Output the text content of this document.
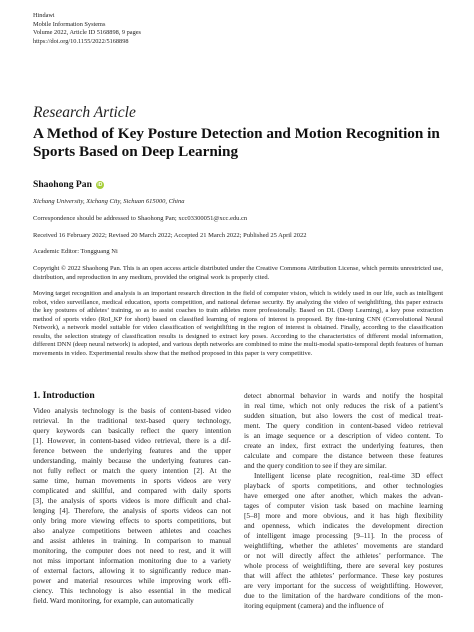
Hindawi
Mobile Information Systems
Volume 2022, Article ID 5168898, 9 pages
https://doi.org/10.1155/2022/5168898
Research Article
A Method of Key Posture Detection and Motion Recognition in Sports Based on Deep Learning
Shaohong Pan	iD
Xichang University, Xichang City, Sichuan 615000, China
Correspondence should be addressed to Shaohong Pan; xcc03300051@xcc.edu.cn
Received 16 February 2022; Revised 20 March 2022; Accepted 21 March 2022; Published 25 April 2022
Academic Editor: Tongguang Ni
Copyright © 2022 Shaohong Pan. This is an open access article distributed under the Creative Commons Attribution License, which permits unrestricted use, distribution, and reproduction in any medium, provided the original work is properly cited.
Moving target recognition and analysis is an important research direction in the field of computer vision, which is widely used in our life, such as intelligent robot, video surveillance, medical education, sports competition, and national defense security. By analyzing the video of weightlifting, this paper extracts the key postures of athletes’ training, so as to assist coaches to train athletes more professionally. Based on DL (Deep Learning), a key pose extraction method of sports video (RoI_KP for short) based on classified learning of regions of interest is proposed. By fine-tuning CNN (Convolutional Neural Network), a network model suitable for video classification of weightlifting in the region of interest is obtained. Finally, according to the classification results, the selection strategy of classification results is designed to extract key poses. According to the characteristics of different modal information, different DNN (deep neural network) is adopted, and various depth networks are combined to mine the multi-modal spatio-temporal depth features of human movements in video. Experimental results show that the method proposed in this paper is very competitive.
1. Introduction
Video analysis technology is the basis of content-based video
retrieval. In the traditional text-based query technology,
query keywords can basically reflect the query intention
[1]. However, in content-based video retrieval, there is a dif-
ference between the underlying features and the upper
understanding, mainly because the underlying features can-
not fully reflect or match the query intention [2]. At the
same time, human movements in sports videos are very
complicated and skillful, and compared with daily sports
[3], the analysis of sports videos is more difficult and chal-
lenging [4]. Therefore, the analysis of sports videos can not
only bring more viewing effects to sports competitions, but
also analyze competitions between athletes and coaches
and assist athletes in training. In comparison to manual
monitoring, the computer does not need to rest, and it will
not miss important information monitoring due to a variety
of external factors, allowing it to significantly reduce man-
power and material resources while improving work effi-
ciency. This technology is also essential in the medical
field. Ward monitoring, for example, can automatically
detect abnormal behavior in wards and notify the hospital
in real time, which not only reduces the risk of a patient’s
sudden situation, but also lowers the cost of medical treat-
ment. The query condition in content-based video retrieval
is an image sequence or a description of video content. To
create an index, first extract the underlying features, then
calculate and compare the distance between these features
and the query condition to see if they are similar.
Intelligent license plate recognition, real-time 3D effect
playback of sports competitions, and other technologies
have emerged one after another, which makes the advan-
tages of computer vision task based on machine learning
[5–8] more and more obvious, and it has high flexibility
and openness, which indicates the development direction
of intelligent image processing [9–11]. In the process of
weightlifting, whether the athletes’ movements are standard
or not will directly affect the athletes’ performance. The
whole process of weightlifting, there are several key postures
that will affect the athletes’ performance. These key postures
are very important for the success of weightlifting. However,
due to the limitation of the hardware conditions of the mon-
itoring equipment (camera) and the influence of
